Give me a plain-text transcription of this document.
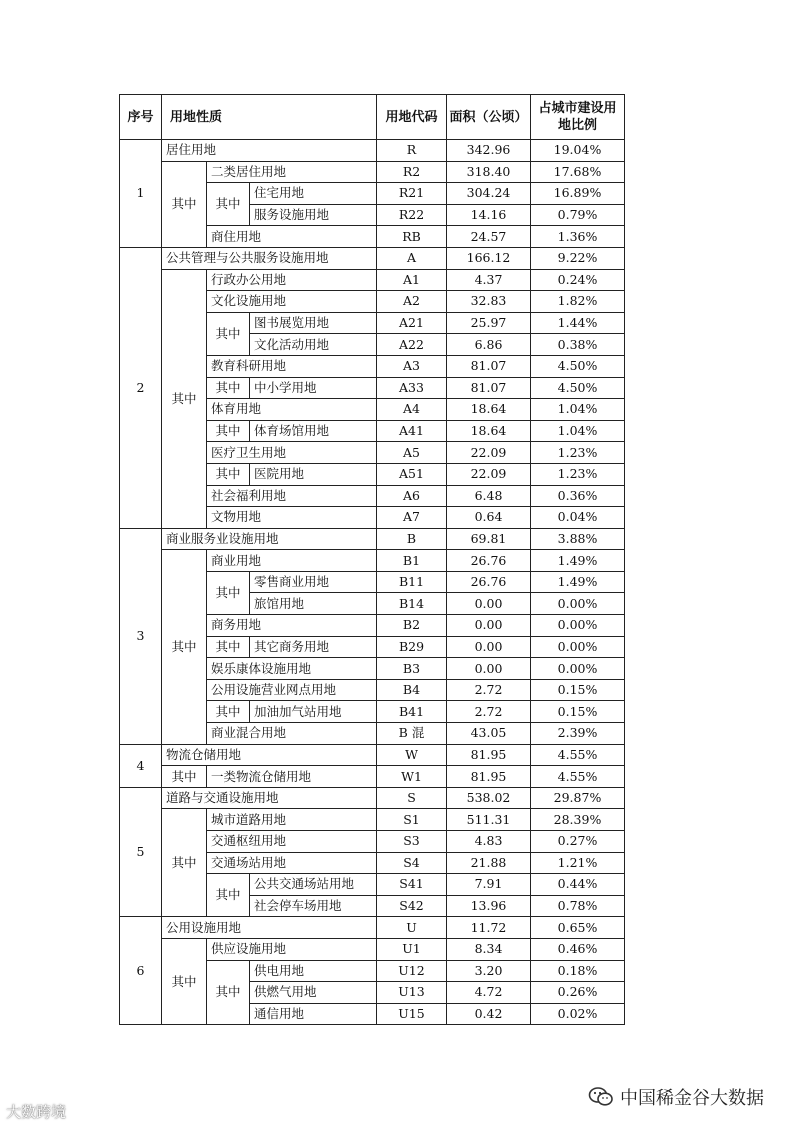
序号	用地性质			用地代码	面积（公顷）	占城市建设用地比例
1	居住用地			R	342.96	19.04%
	其中	二类居住用地		R2	318.40	17.68%
		其中	住宅用地	R21	304.24	16.89%
			服务设施用地	R22	14.16	0.79%
		商住用地		RB	24.57	1.36%
2	公共管理与公共服务设施用地			A	166.12	9.22%
	其中	行政办公用地		A1	4.37	0.24%
		文化设施用地		A2	32.83	1.82%
		其中	图书展览用地	A21	25.97	1.44%
			文化活动用地	A22	6.86	0.38%
		教育科研用地		A3	81.07	4.50%
		其中	中小学用地	A33	81.07	4.50%
		体育用地		A4	18.64	1.04%
		其中	体育场馆用地	A41	18.64	1.04%
		医疗卫生用地		A5	22.09	1.23%
		其中	医院用地	A51	22.09	1.23%
		社会福利用地		A6	6.48	0.36%
		文物用地		A7	0.64	0.04%
3	商业服务业设施用地			B	69.81	3.88%
	其中	商业用地		B1	26.76	1.49%
		其中	零售商业用地	B11	26.76	1.49%
			旅馆用地	B14	0.00	0.00%
		商务用地		B2	0.00	0.00%
		其中	其它商务用地	B29	0.00	0.00%
		娱乐康体设施用地		B3	0.00	0.00%
		公用设施营业网点用地		B4	2.72	0.15%
		其中	加油加气站用地	B41	2.72	0.15%
		商业混合用地		B 混	43.05	2.39%
4	物流仓储用地			W	81.95	4.55%
	其中	一类物流仓储用地		W1	81.95	4.55%
5	道路与交通设施用地			S	538.02	29.87%
	其中	城市道路用地		S1	511.31	28.39%
		交通枢纽用地		S3	4.83	0.27%
		交通场站用地		S4	21.88	1.21%
		其中	公共交通场站用地	S41	7.91	0.44%
			社会停车场用地	S42	13.96	0.78%
6	公用设施用地			U	11.72	0.65%
	其中	供应设施用地		U1	8.34	0.46%
		其中	供电用地	U12	3.20	0.18%
			供燃气用地	U13	4.72	0.26%
			通信用地	U15	0.42	0.02%
大数跨境
中国稀金谷大数据
